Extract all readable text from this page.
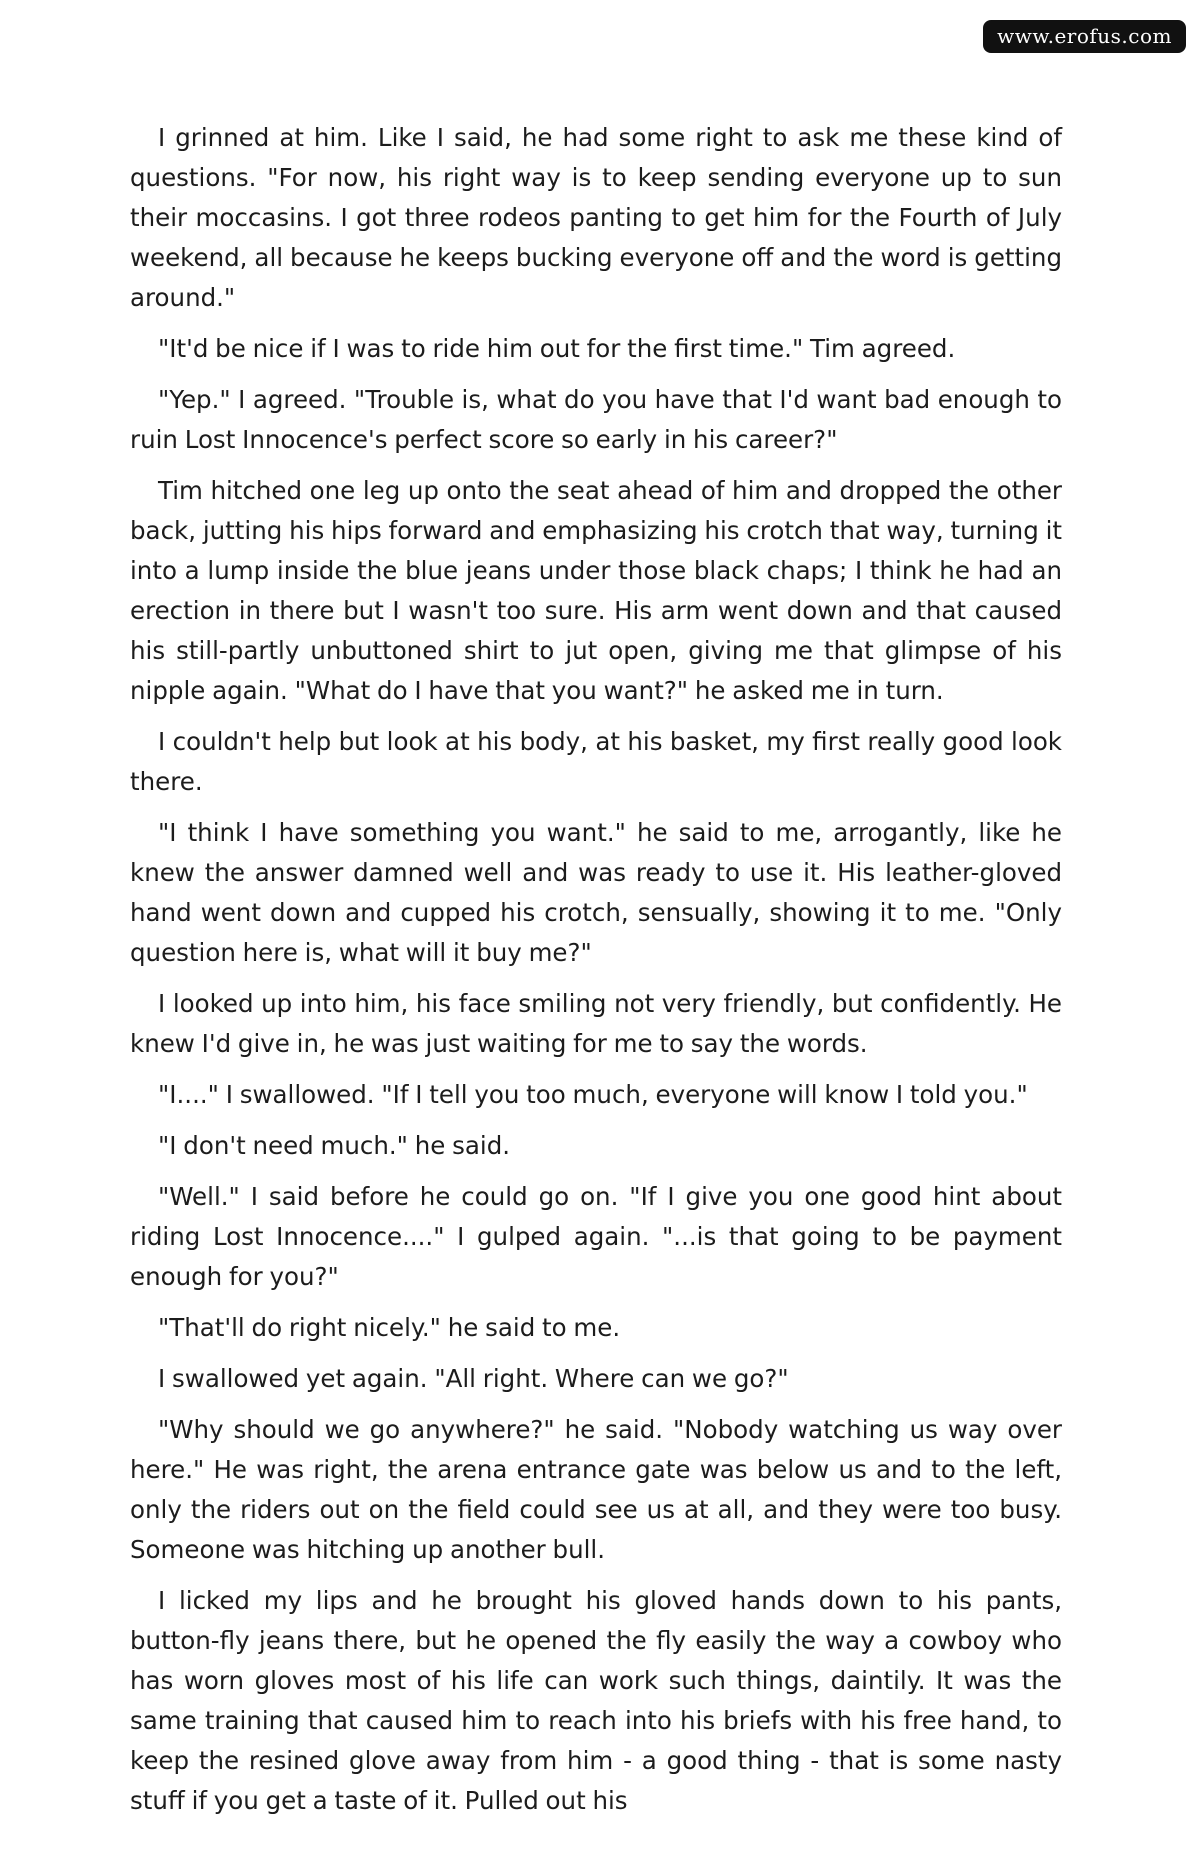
www.erofus.com

I grinned at him. Like I said, he had some right to ask me these kind of questions. "For now, his right way is to keep sending everyone up to sun their moccasins. I got three rodeos panting to get him for the Fourth of July weekend, all because he keeps bucking everyone off and the word is getting around."

"It'd be nice if I was to ride him out for the first time." Tim agreed.

"Yep." I agreed. "Trouble is, what do you have that I'd want bad enough to ruin Lost Innocence's perfect score so early in his career?"

Tim hitched one leg up onto the seat ahead of him and dropped the other back, jutting his hips forward and emphasizing his crotch that way, turning it into a lump inside the blue jeans under those black chaps; I think he had an erection in there but I wasn't too sure. His arm went down and that caused his still-partly unbuttoned shirt to jut open, giving me that glimpse of his nipple again. "What do I have that you want?" he asked me in turn.

I couldn't help but look at his body, at his basket, my first really good look there.

"I think I have something you want." he said to me, arrogantly, like he knew the answer damned well and was ready to use it. His leather-gloved hand went down and cupped his crotch, sensually, showing it to me. "Only question here is, what will it buy me?"

I looked up into him, his face smiling not very friendly, but confidently. He knew I'd give in, he was just waiting for me to say the words.

"I...." I swallowed. "If I tell you too much, everyone will know I told you."

"I don't need much." he said.

"Well." I said before he could go on. "If I give you one good hint about riding Lost Innocence...." I gulped again. "...is that going to be payment enough for you?"

"That'll do right nicely." he said to me.

I swallowed yet again. "All right. Where can we go?"

"Why should we go anywhere?" he said. "Nobody watching us way over here." He was right, the arena entrance gate was below us and to the left, only the riders out on the field could see us at all, and they were too busy. Someone was hitching up another bull.

I licked my lips and he brought his gloved hands down to his pants, button-fly jeans there, but he opened the fly easily the way a cowboy who has worn gloves most of his life can work such things, daintily. It was the same training that caused him to reach into his briefs with his free hand, to keep the resined glove away from him - a good thing - that is some nasty stuff if you get a taste of it. Pulled out his
